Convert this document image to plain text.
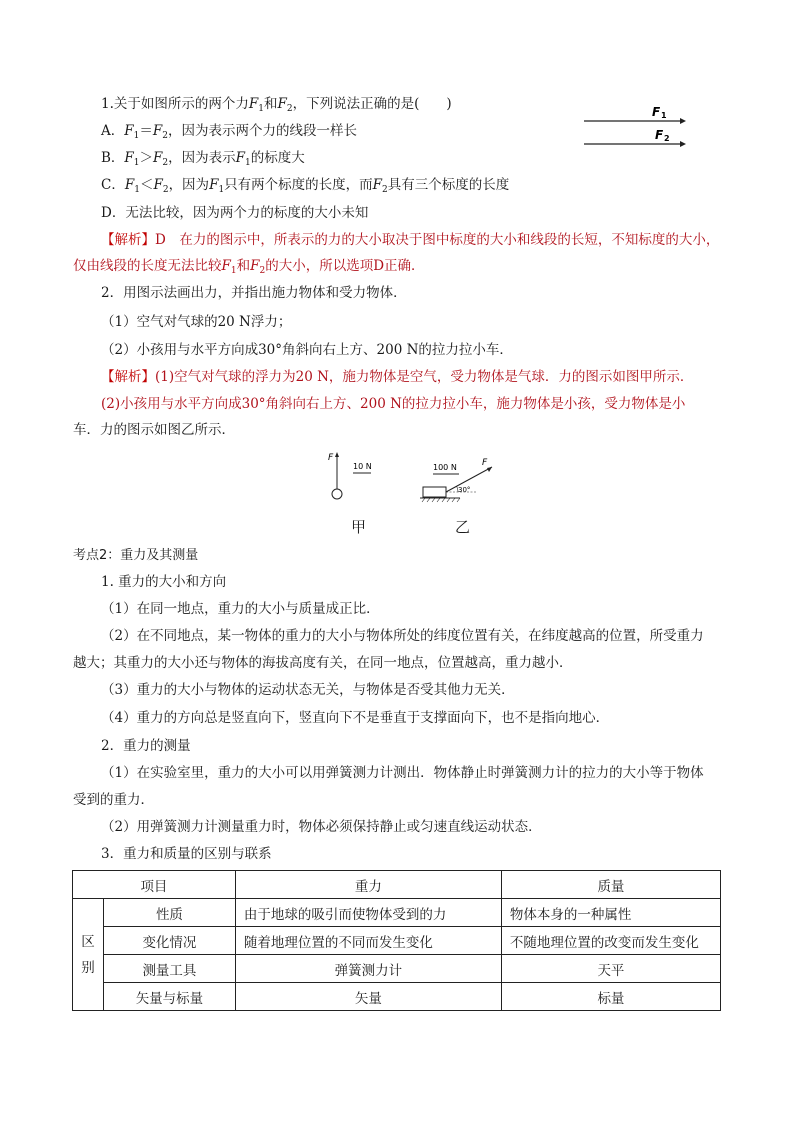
1.关于如图所示的两个力$F_1$和$F_2$，下列说法正确的是(　　)
A．$F_1=F_2$，因为表示两个力的线段一样长
B．$F_1>F_2$，因为表示$F_1$的标度大
C．$F_1<F_2$，因为$F_1$只有两个标度的长度，而$F_2$具有三个标度的长度
D．无法比较，因为两个力的标度的大小未知
F 1
F 2
【解析】D　在力的图示中，所表示的力的大小取决于图中标度的大小和线段的长短，不知标度的大小，
仅由线段的长度无法比较$F_1$和$F_2$的大小，所以选项D正确．
2．用图示法画出力，并指出施力物体和受力物体．
（1）空气对气球的20 N浮力；
（2）小孩用与水平方向成30°角斜向右上方、200 N的拉力拉小车．
【解析】(1)空气对气球的浮力为20 N，施力物体是空气，受力物体是气球．力的图示如图甲所示．
(2)小孩用与水平方向成30°角斜向右上方、200 N的拉力拉小车，施力物体是小孩，受力物体是小
车．力的图示如图乙所示．
F
10 N	100 N	F
30°
甲	乙
考点2：重力及其测量
1. 重力的大小和方向
（1）在同一地点，重力的大小与质量成正比．
（2）在不同地点，某一物体的重力的大小与物体所处的纬度位置有关，在纬度越高的位置，所受重力
越大；其重力的大小还与物体的海拔高度有关，在同一地点，位置越高，重力越小．
（3）重力的大小与物体的运动状态无关，与物体是否受其他力无关．
（4）重力的方向总是竖直向下，竖直向下不是垂直于支撑面向下，也不是指向地心．
2．重力的测量
（1）在实验室里，重力的大小可以用弹簧测力计测出．物体静止时弹簧测力计的拉力的大小等于物体
受到的重力．
（2）用弹簧测力计测量重力时，物体必须保持静止或匀速直线运动状态．
3．重力和质量的区别与联系
项目		重力	质量
区别	性质	由于地球的吸引而使物体受到的力	物体本身的一种属性
	变化情况	随着地理位置的不同而发生变化	不随地理位置的改变而发生变化
	测量工具	弹簧测力计	天平
	矢量与标量	矢量	标量
